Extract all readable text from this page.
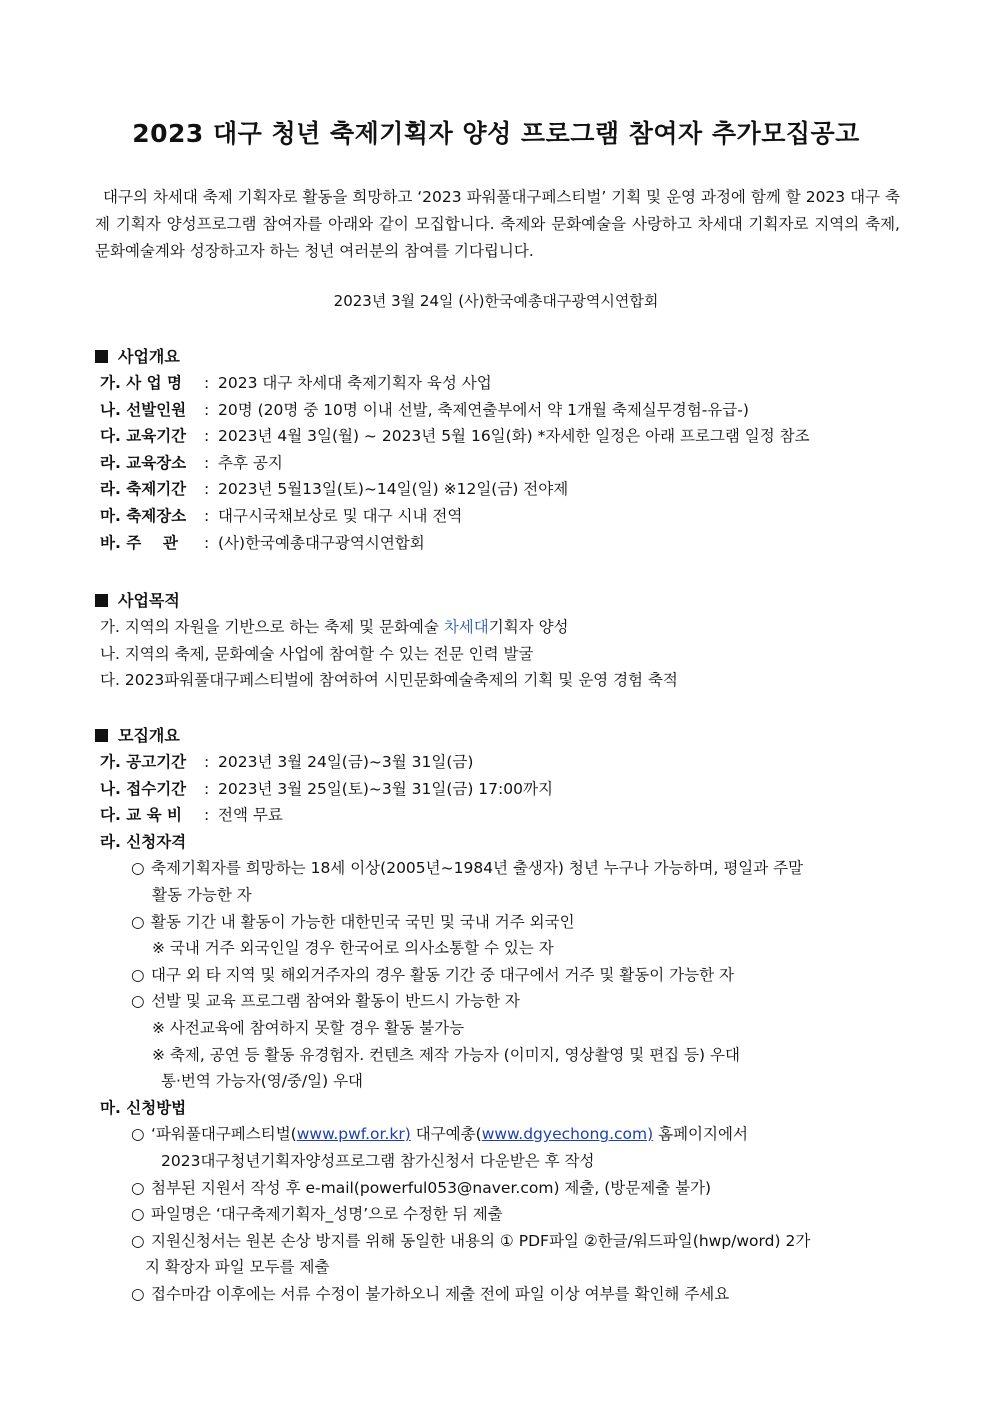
2023 대구 청년 축제기획자 양성 프로그램 참여자 추가모집공고

대구의 차세대 축제 기획자로 활동을 희망하고 ‘2023 파워풀대구페스티벌’ 기획 및 운영 과정에 함께 할 2023 대구 축제 기획자 양성프로그램 참여자를 아래와 같이 모집합니다. 축제와 문화예술을 사랑하고 차세대 기획자로 지역의 축제, 문화예술계와 성장하고자 하는 청년 여러분의 참여를 기다립니다.

2023년 3월 24일 (사)한국예총대구광역시연합회

사업개요
가. 사 업 명 : 2023 대구 차세대 축제기획자 육성 사업
나. 선발인원 : 20명 (20명 중 10명 이내 선발, 축제연출부에서 약 1개월 축제실무경험-유급-)
다. 교육기간 : 2023년 4월 3일(월) ~ 2023년 5월 16일(화) *자세한 일정은 아래 프로그램 일정 참조
라. 교육장소 : 추후 공지
라. 축제기간 : 2023년 5월13일(토)~14일(일) ※12일(금) 전야제
마. 축제장소 : 대구시국채보상로 및 대구 시내 전역
바. 주    관 : (사)한국예총대구광역시연합회
사업목적
가. 지역의 자원을 기반으로 하는 축제 및 문화예술 차세대기획자 양성
나. 지역의 축제, 문화예술 사업에 참여할 수 있는 전문 인력 발굴
다. 2023파워풀대구페스티벌에 참여하여 시민문화예술축제의 기획 및 운영 경험 축적
모집개요
가. 공고기간 : 2023년 3월 24일(금)~3월 31일(금)
나. 접수기간 : 2023년 3월 25일(토)~3월 31일(금) 17:00까지
다. 교 육 비 : 전액 무료
라. 신청자격
○ 축제기획자를 희망하는 18세 이상(2005년~1984년 출생자) 청년 누구나 가능하며, 평일과 주말
활동 가능한 자
○ 활동 기간 내 활동이 가능한 대한민국 국민 및 국내 거주 외국인
※ 국내 거주 외국인일 경우 한국어로 의사소통할 수 있는 자
○ 대구 외 타 지역 및 해외거주자의 경우 활동 기간 중 대구에서 거주 및 활동이 가능한 자
○ 선발 및 교육 프로그램 참여와 활동이 반드시 가능한 자
※ 사전교육에 참여하지 못할 경우 활동 불가능
※ 축제, 공연 등 활동 유경험자. 컨텐츠 제작 가능자 (이미지, 영상촬영 및 편집 등) 우대
통·번역 가능자(영/중/일) 우대
마. 신청방법
○ ‘파워풀대구페스티벌(www.pwf.or.kr) 대구예총(www.dgyechong.com) 홈페이지에서
2023대구청년기획자양성프로그램 참가신청서 다운받은 후 작성
○ 첨부된 지원서 작성 후 e-mail(powerful053@naver.com) 제출, (방문제출 불가)
○ 파일명은 ‘대구축제기획자_성명’으로 수정한 뒤 제출
○ 지원신청서는 원본 손상 방지를 위해 동일한 내용의 ① PDF파일 ②한글/워드파일(hwp/word) 2가
지 확장자 파일 모두를 제출
○ 접수마감 이후에는 서류 수정이 불가하오니 제출 전에 파일 이상 여부를 확인해 주세요
